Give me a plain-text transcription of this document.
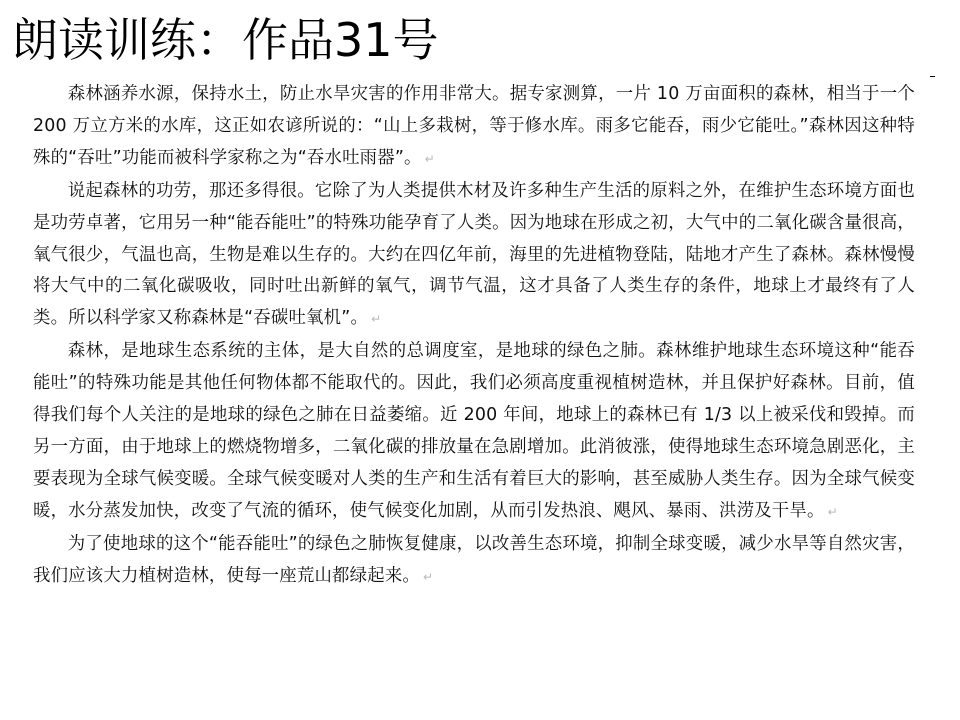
朗读训练：作品31号

森林涵养水源，保持水土，防止水旱灾害的作用非常大。据专家测算，一片 10 万亩面积的森林，相当于一个 200 万立方米的水库，这正如农谚所说的：“山上多栽树，等于修水库。雨多它能吞，雨少它能吐。”森林因这种特殊的“吞吐”功能而被科学家称之为“吞水吐雨器”。 ↵

说起森林的功劳，那还多得很。它除了为人类提供木材及许多种生产生活的原料之外，在维护生态环境方面也是功劳卓著，它用另一种“能吞能吐”的特殊功能孕育了人类。因为地球在形成之初，大气中的二氧化碳含量很高，氧气很少，气温也高，生物是难以生存的。大约在四亿年前，海里的先进植物登陆，陆地才产生了森林。森林慢慢将大气中的二氧化碳吸收，同时吐出新鲜的氧气，调节气温，这才具备了人类生存的条件，地球上才最终有了人类。所以科学家又称森林是“吞碳吐氧机”。 ↵

森林，是地球生态系统的主体，是大自然的总调度室，是地球的绿色之肺。森林维护地球生态环境这种“能吞能吐”的特殊功能是其他任何物体都不能取代的。因此，我们必须高度重视植树造林，并且保护好森林。目前，值得我们每个人关注的是地球的绿色之肺在日益萎缩。近 200 年间，地球上的森林已有 1/3 以上被采伐和毁掉。而另一方面，由于地球上的燃烧物增多，二氧化碳的排放量在急剧增加。此消彼涨，使得地球生态环境急剧恶化，主要表现为全球气候变暖。全球气候变暖对人类的生产和生活有着巨大的影响，甚至威胁人类生存。因为全球气候变暖，水分蒸发加快，改变了气流的循环，使气候变化加剧，从而引发热浪、飓风、暴雨、洪涝及干旱。 ↵

为了使地球的这个“能吞能吐”的绿色之肺恢复健康，以改善生态环境，抑制全球变暖，减少水旱等自然灾害，我们应该大力植树造林，使每一座荒山都绿起来。 ↵
